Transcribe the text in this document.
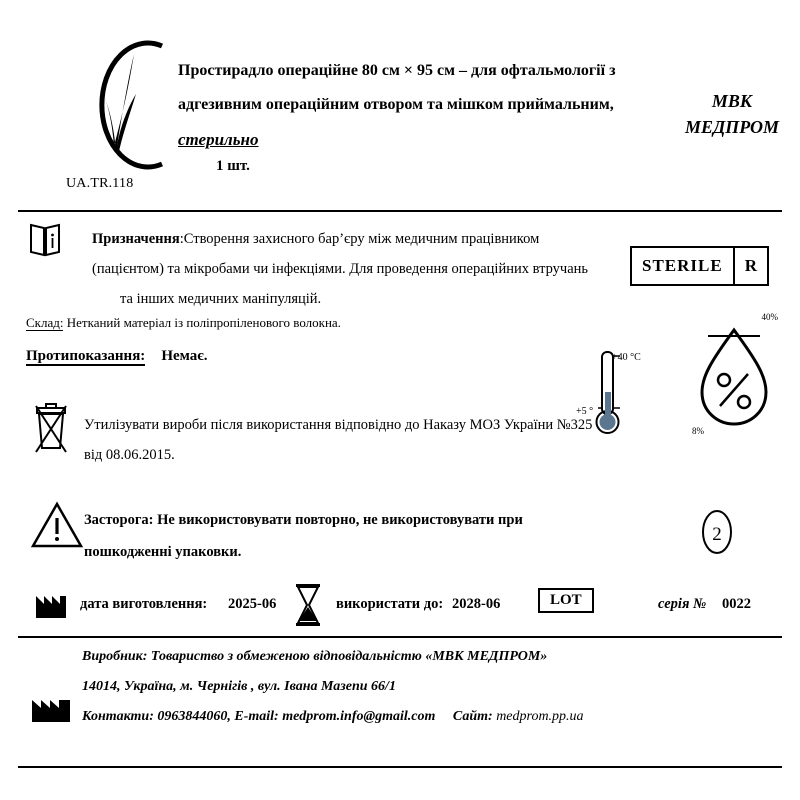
UA.TR.118
Простирадло операційне 80 см × 95 см – для офтальмології з
адгезивним операційним отвором та мішком приймальним,
стерильно
1 шт.
МВК
МЕДПРОМ
Призначення:Створення захисного бар’єру між медичним працівником
(пацієнтом) та мікробами чи інфекціями. Для проведення операційних втручань
та інших медичних маніпуляцій.
STERILE	R
Склад: Нетканий матеріал із поліпропіленового волокна.
Протипоказання: Немає.	+40 °C
+5 °
40%
8%
Утилізувати вироби після використання відповідно до Наказу МОЗ України №325
від 08.06.2015.
Засторога: Не використовувати повторно, не використовувати при
пошкодженні упаковки.
2
дата виготовлення: 2025-06	використати до: 2028-06	LOT	серія № 0022
Виробник: Товариство з обмеженою відповідальністю «МВК МЕДПРОМ»
14014, Україна, м. Чернігів , вул. Івана Мазепи 66/1
Контакти: 0963844060, E-mail: medprom.info@gmail.com Сайт: medprom.pp.ua
